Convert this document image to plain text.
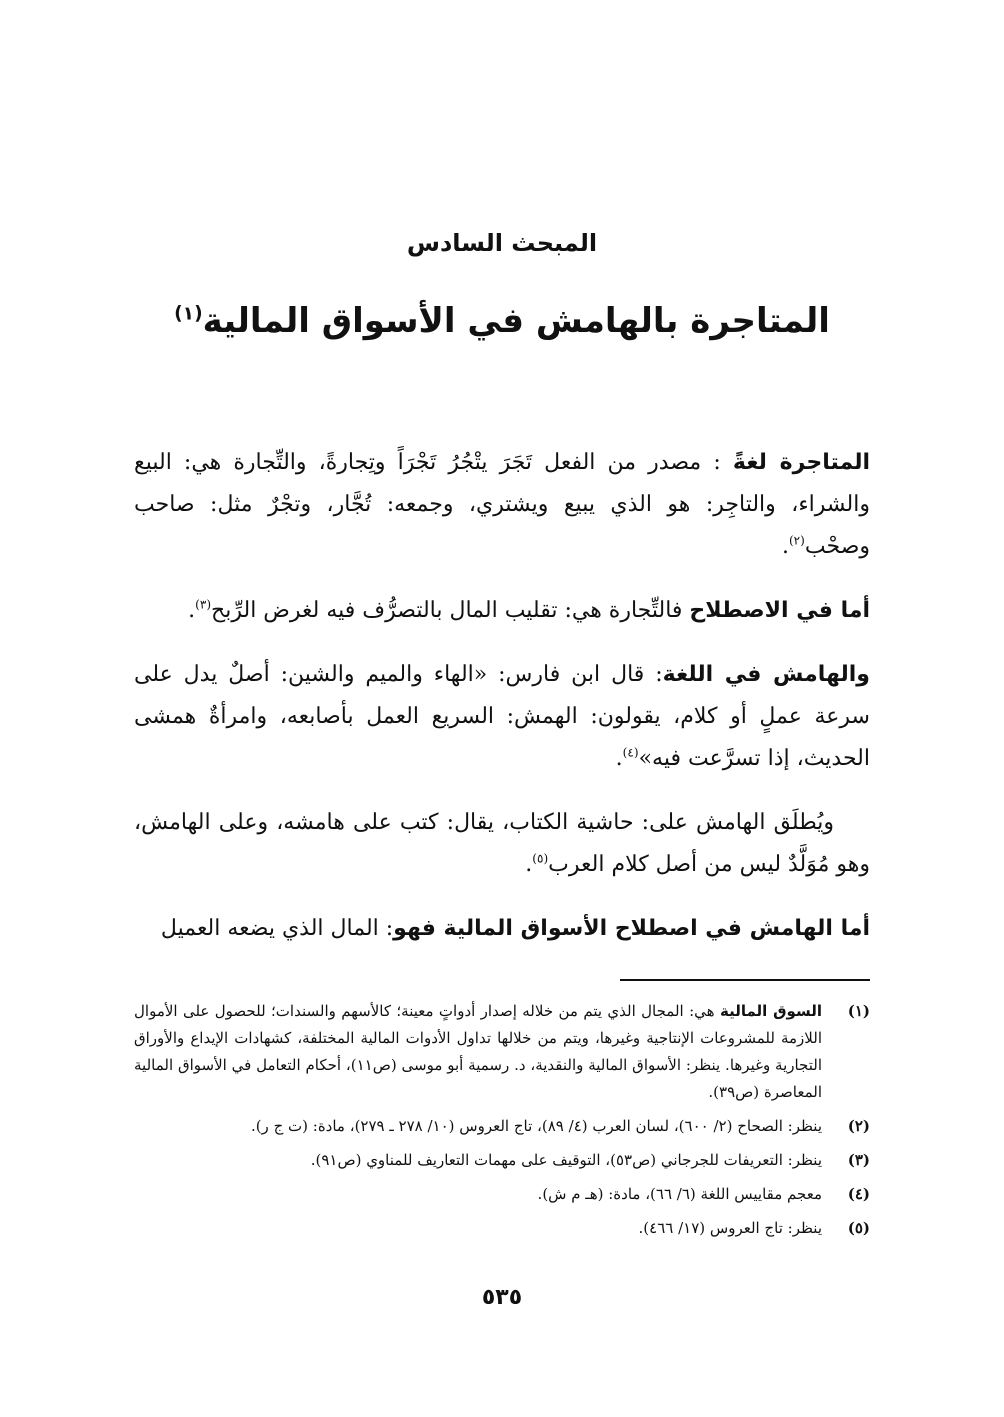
المبحث السادس
المتاجرة بالهامش في الأسواق المالية$^{(١)}$

المتاجرة لغةً : مصدر من الفعل تَجَرَ يتْجُرُ تَجْرَاً وتِجارةً، والتِّجارة هي: البيع والشراء، والتاجِر: هو الذي يبيع ويشتري، وجمعه: تُجَّار، وتجْرٌ مثل: صاحب وصحْب$^{(٢)}$.

أما في الاصطلاح فالتِّجارة هي: تقليب المال بالتصرُّف فيه لغرض الرِّبح$^{(٣)}$.

والهامش في اللغة: قال ابن فارس: «الهاء والميم والشين: أصلٌ يدل على سرعة عملٍ أو كلام، يقولون: الهمش: السريع العمل بأصابعه، وامرأةٌ همشى الحديث، إذا تسرَّعت فيه»$^{(٤)}$.

ويُطلَق الهامش على: حاشية الكتاب، يقال: كتب على هامشه، وعلى الهامش، وهو مُوَلَّدٌ ليس من أصل كلام العرب$^{(٥)}$.

أما الهامش في اصطلاح الأسواق المالية فهو: المال الذي يضعه العميل

(١)
السوق المالية هي: المجال الذي يتم من خلاله إصدار أدواتٍ معينة؛ كالأسهم والسندات؛ للحصول على الأموال اللازمة للمشروعات الإنتاجية وغيرها، ويتم من خلالها تداول الأدوات المالية المختلفة، كشهادات الإيداع والأوراق التجارية وغيرها. ينظر: الأسواق المالية والنقدية، د. رسمية أبو موسى (ص١١)، أحكام التعامل في الأسواق المالية المعاصرة (ص٣٩).
(٢)
ينظر: الصحاح (٢/ ٦٠٠)، لسان العرب (٤/ ٨٩)، تاج العروس (١٠/ ٢٧٨ ـ ٢٧٩)، مادة: (ت ج ر).
(٣)
ينظر: التعريفات للجرجاني (ص٥٣)، التوقيف على مهمات التعاريف للمناوي (ص٩١).
(٤)
معجم مقاييس اللغة (٦/ ٦٦)، مادة: (هـ م ش).
(٥)
ينظر: تاج العروس (١٧/ ٤٦٦).
٥٣٥
